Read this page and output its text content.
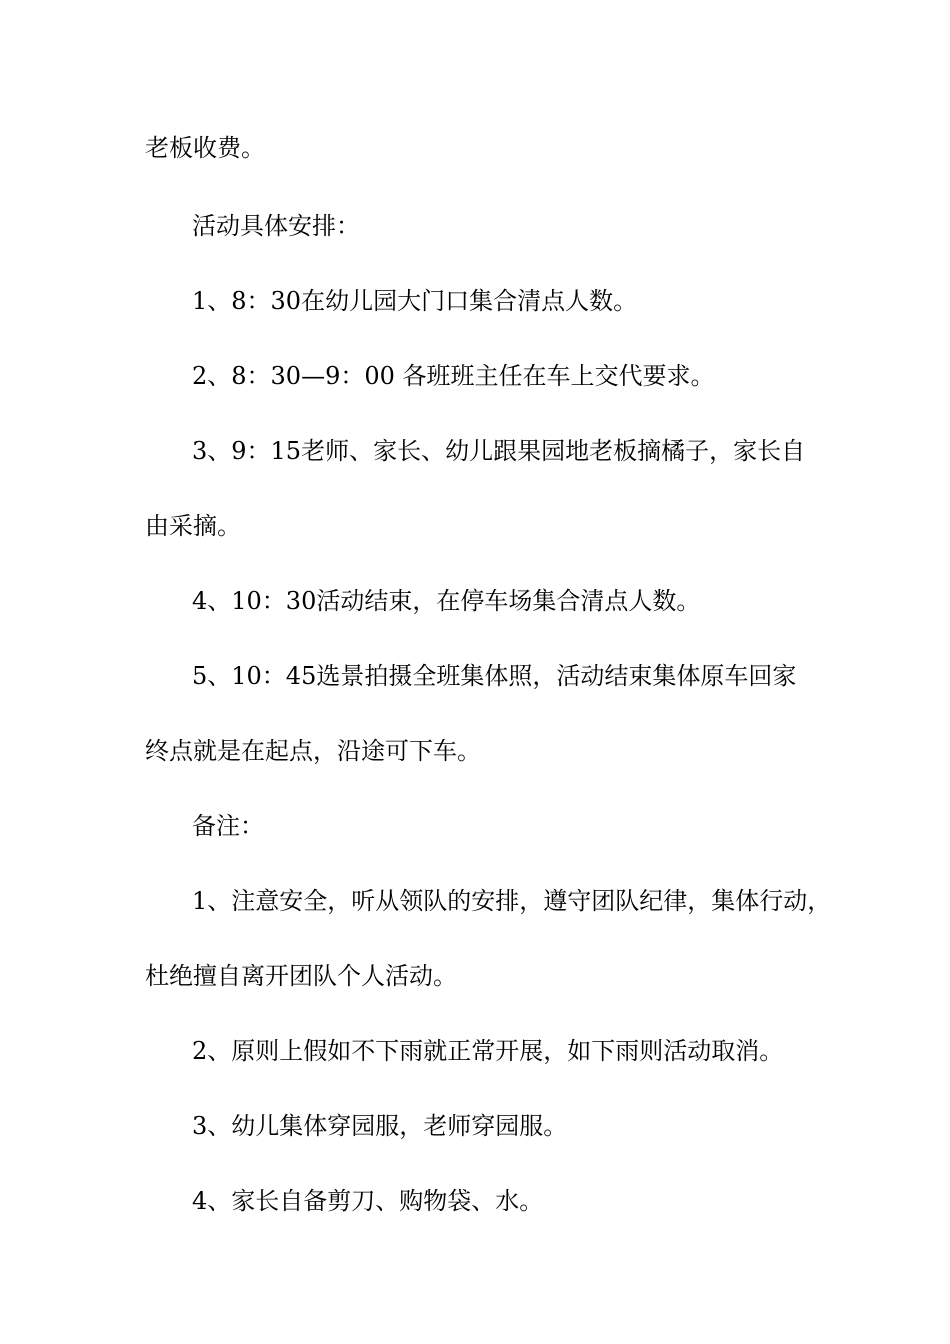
老板收费。
活动具体安排：
1、8：30在幼儿园大门口集合清点人数。
2、8：30—9：00 各班班主任在车上交代要求。
3、9：15老师、家长、幼儿跟果园地老板摘橘子，家长自
由采摘。
4、10：30活动结束，在停车场集合清点人数。
5、10：45选景拍摄全班集体照，活动结束集体原车回家
终点就是在起点，沿途可下车。
备注：
1、注意安全，听从领队的安排，遵守团队纪律，集体行动，
杜绝擅自离开团队个人活动。
2、原则上假如不下雨就正常开展，如下雨则活动取消。
3、幼儿集体穿园服，老师穿园服。
4、家长自备剪刀、购物袋、水。
